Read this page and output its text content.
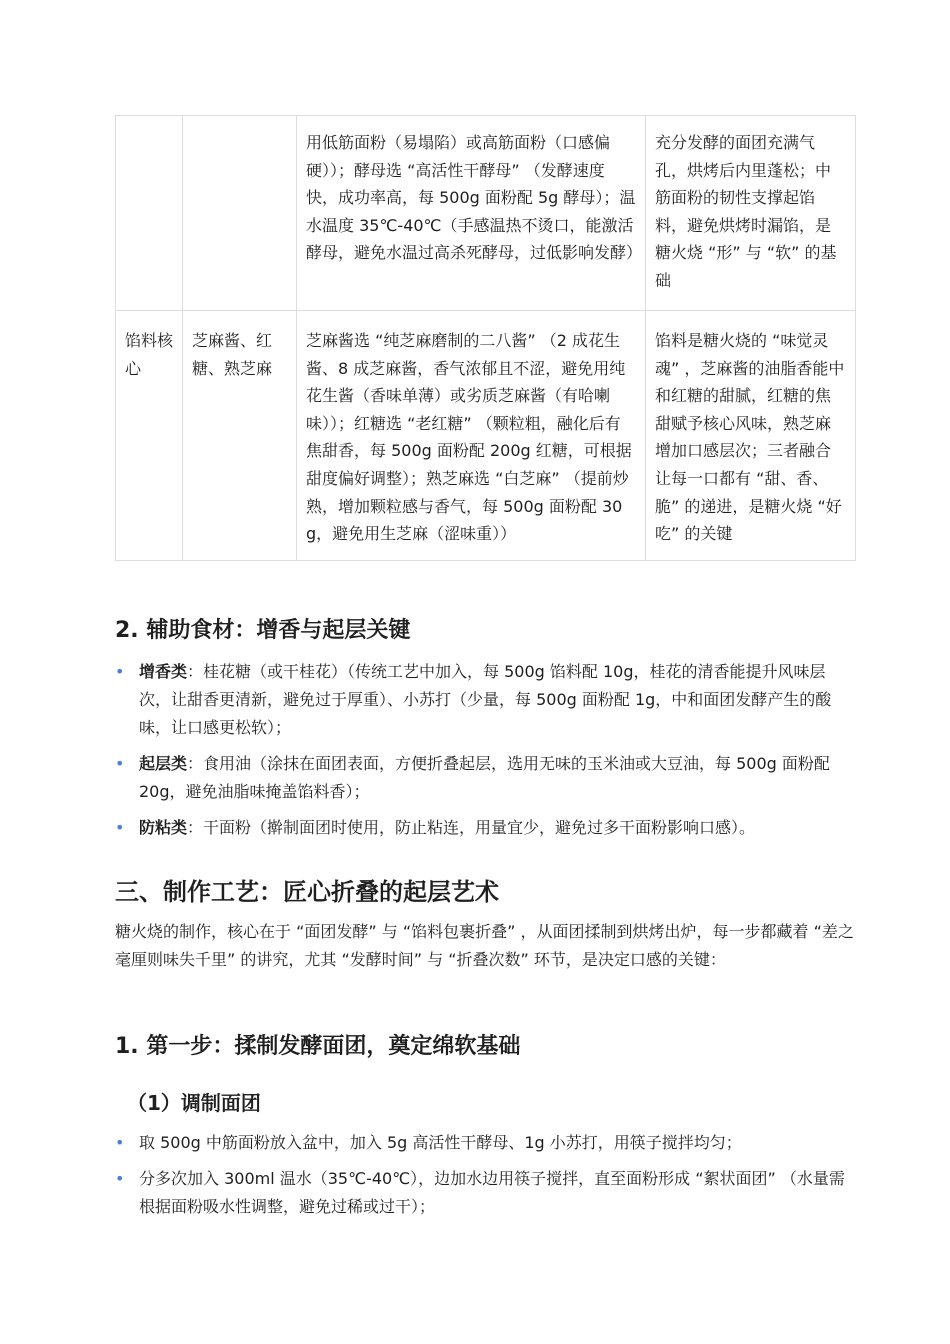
		用低筋面粉（易塌陷）或高筋面粉（口感偏硬））；酵母选 “高活性干酵母” （发酵速度快，成功率高，每 500g 面粉配 5g 酵母）；温水温度 35℃-40℃（手感温热不烫口，能激活酵母，避免水温过高杀死酵母，过低影响发酵）	充分发酵的面团充满气孔，烘烤后内里蓬松；中筋面粉的韧性支撑起馅料，避免烘烤时漏馅，是糖火烧 “形” 与 “软” 的基础

馅料核心	芝麻酱、红糖、熟芝麻	芝麻酱选 “纯芝麻磨制的二八酱” （2 成花生酱、8 成芝麻酱，香气浓郁且不涩，避免用纯花生酱（香味单薄）或劣质芝麻酱（有哈喇味））；红糖选 “老红糖” （颗粒粗，融化后有焦甜香，每 500g 面粉配 200g 红糖，可根据甜度偏好调整）；熟芝麻选 “白芝麻” （提前炒熟，增加颗粒感与香气，每 500g 面粉配 30g，避免用生芝麻（涩味重））	馅料是糖火烧的 “味觉灵魂” ，芝麻酱的油脂香能中和红糖的甜腻，红糖的焦甜赋予核心风味，熟芝麻增加口感层次；三者融合让每一口都有 “甜、香、脆” 的递进，是糖火烧 “好吃” 的关键
2. 辅助食材：增香与起层关键
• 增香类：桂花糖（或干桂花）（传统工艺中加入，每 500g 馅料配 10g，桂花的清香能提升风味层次，让甜香更清新，避免过于厚重）、小苏打（少量，每 500g 面粉配 1g，中和面团发酵产生的酸味，让口感更松软）；
• 起层类：食用油（涂抹在面团表面，方便折叠起层，选用无味的玉米油或大豆油，每 500g 面粉配 20g，避免油脂味掩盖馅料香）；
• 防粘类：干面粉（擀制面团时使用，防止粘连，用量宜少，避免过多干面粉影响口感）。
三、制作工艺：匠心折叠的起层艺术

糖火烧的制作，核心在于 “面团发酵” 与 “馅料包裹折叠” ，从面团揉制到烘烤出炉，每一步都藏着 “差之毫厘则味失千里” 的讲究，尤其 “发酵时间” 与 “折叠次数” 环节，是决定口感的关键：

1. 第一步：揉制发酵面团，奠定绵软基础
（1）调制面团
• 取 500g 中筋面粉放入盆中，加入 5g 高活性干酵母、1g 小苏打，用筷子搅拌均匀；
• 分多次加入 300ml 温水（35℃-40℃），边加水边用筷子搅拌，直至面粉形成 “絮状面团” （水量需根据面粉吸水性调整，避免过稀或过干）；
